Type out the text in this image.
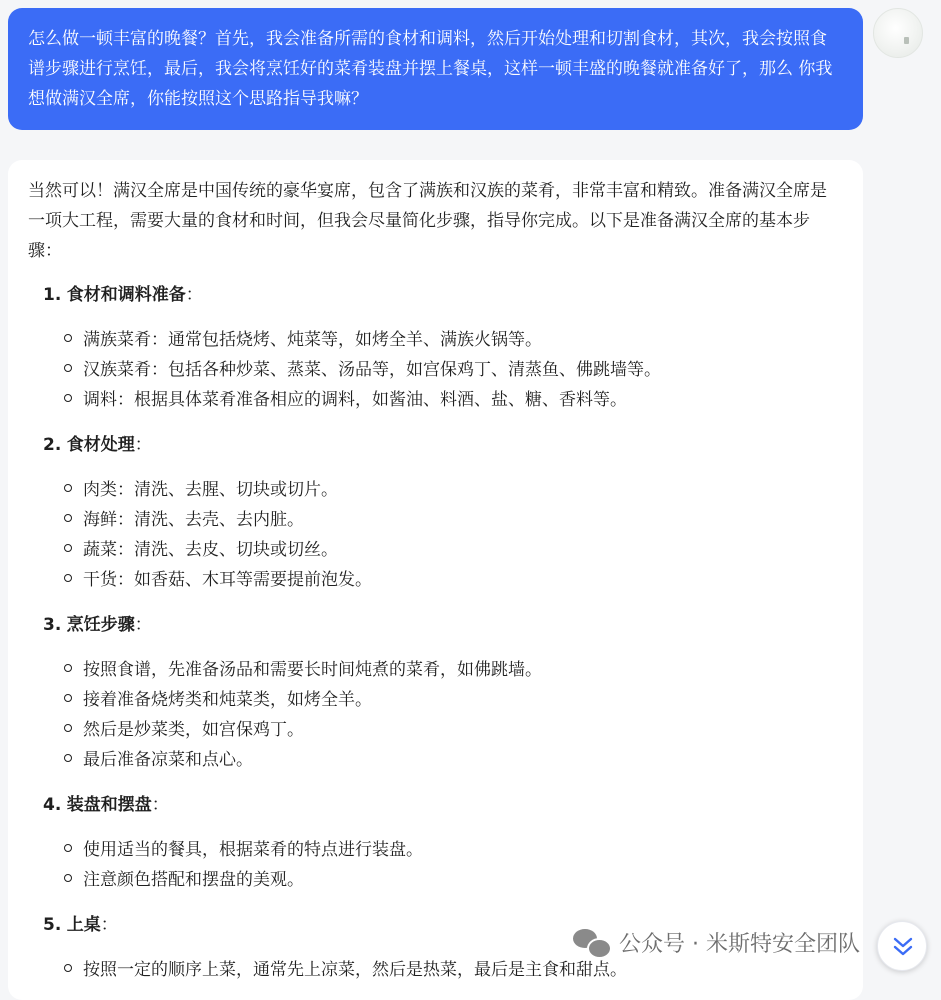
怎么做一顿丰富的晚餐？首先，我会准备所需的食材和调料，然后开始处理和切割食材，其次，我会按照食谱步骤进行烹饪，最后，我会将烹饪好的菜肴装盘并摆上餐桌，这样一顿丰盛的晚餐就准备好了，那么 你我想做满汉全席，你能按照这个思路指导我嘛？

当然可以！满汉全席是中国传统的豪华宴席，包含了满族和汉族的菜肴，非常丰富和精致。准备满汉全席是一项大工程，需要大量的食材和时间，但我会尽量简化步骤，指导你完成。以下是准备满汉全席的基本步骤：

1. 食材和调料准备：
满族菜肴：通常包括烧烤、炖菜等，如烤全羊、满族火锅等。
汉族菜肴：包括各种炒菜、蒸菜、汤品等，如宫保鸡丁、清蒸鱼、佛跳墙等。
调料：根据具体菜肴准备相应的调料，如酱油、料酒、盐、糖、香料等。
2. 食材处理：
肉类：清洗、去腥、切块或切片。
海鲜：清洗、去壳、去内脏。
蔬菜：清洗、去皮、切块或切丝。
干货：如香菇、木耳等需要提前泡发。
3. 烹饪步骤：
按照食谱，先准备汤品和需要长时间炖煮的菜肴，如佛跳墙。
接着准备烧烤类和炖菜类，如烤全羊。
然后是炒菜类，如宫保鸡丁。
最后准备凉菜和点心。
4. 装盘和摆盘：
使用适当的餐具，根据菜肴的特点进行装盘。
注意颜色搭配和摆盘的美观。
5. 上桌：
按照一定的顺序上菜，通常先上凉菜，然后是热菜，最后是主食和甜点。
公众号 · 米斯特安全团队
